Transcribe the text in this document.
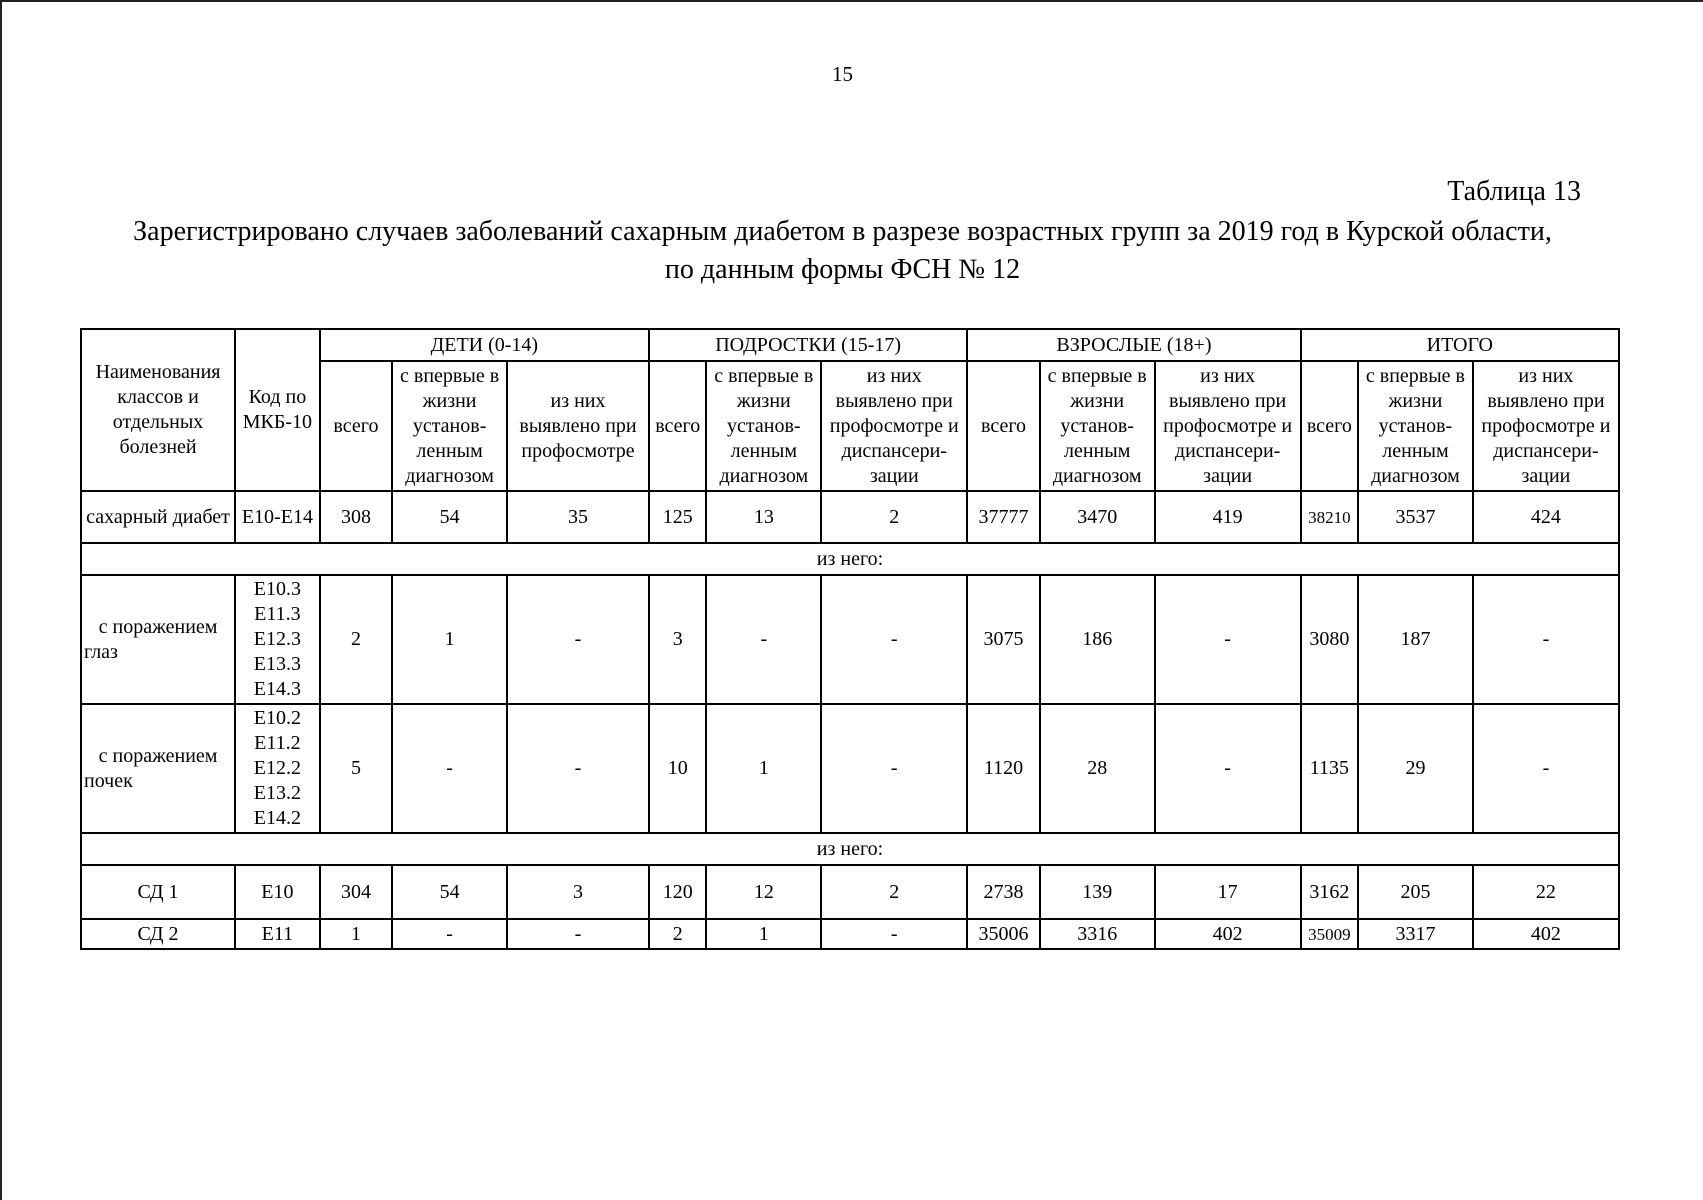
15
Таблица 13
Зарегистрировано случаев заболеваний сахарным диабетом в разрезе возрастных групп за 2019 год в Курской области,
по данным формы ФСН № 12
Наименования классов и отдельных болезней	Код по МКБ-10	ДЕТИ (0-14)			ПОДРОСТКИ (15-17)			ВЗРОСЛЫЕ (18+)			ИТОГО		
		всего	с впервые в жизни установ-ленным диагнозом	из них выявлено при профосмотре	всего	с впервые в жизни установ-ленным диагнозом	из них выявлено при профосмотре и диспансери-зации	всего	с впервые в жизни установ-ленным диагнозом	из них выявлено при профосмотре и диспансери-зации	всего	с впервые в жизни установ-ленным диагнозом	из них выявлено при профосмотре и диспансери-зации
сахарный диабет	Е10-Е14	308	54	35	125	13	2	37777	3470	419	38210	3537	424
из него:													
с поражением глаз	Е10.3
Е11.3
Е12.3
Е13.3
Е14.3	2	1	-	3	-	-	3075	186	-	3080	187	-
с поражением почек	Е10.2
Е11.2
Е12.2
Е13.2
Е14.2	5	-	-	10	1	-	1120	28	-	1135	29	-
из него:													
СД 1	Е10	304	54	3	120	12	2	2738	139	17	3162	205	22
СД 2	Е11	1	-	-	2	1	-	35006	3316	402	35009	3317	402
